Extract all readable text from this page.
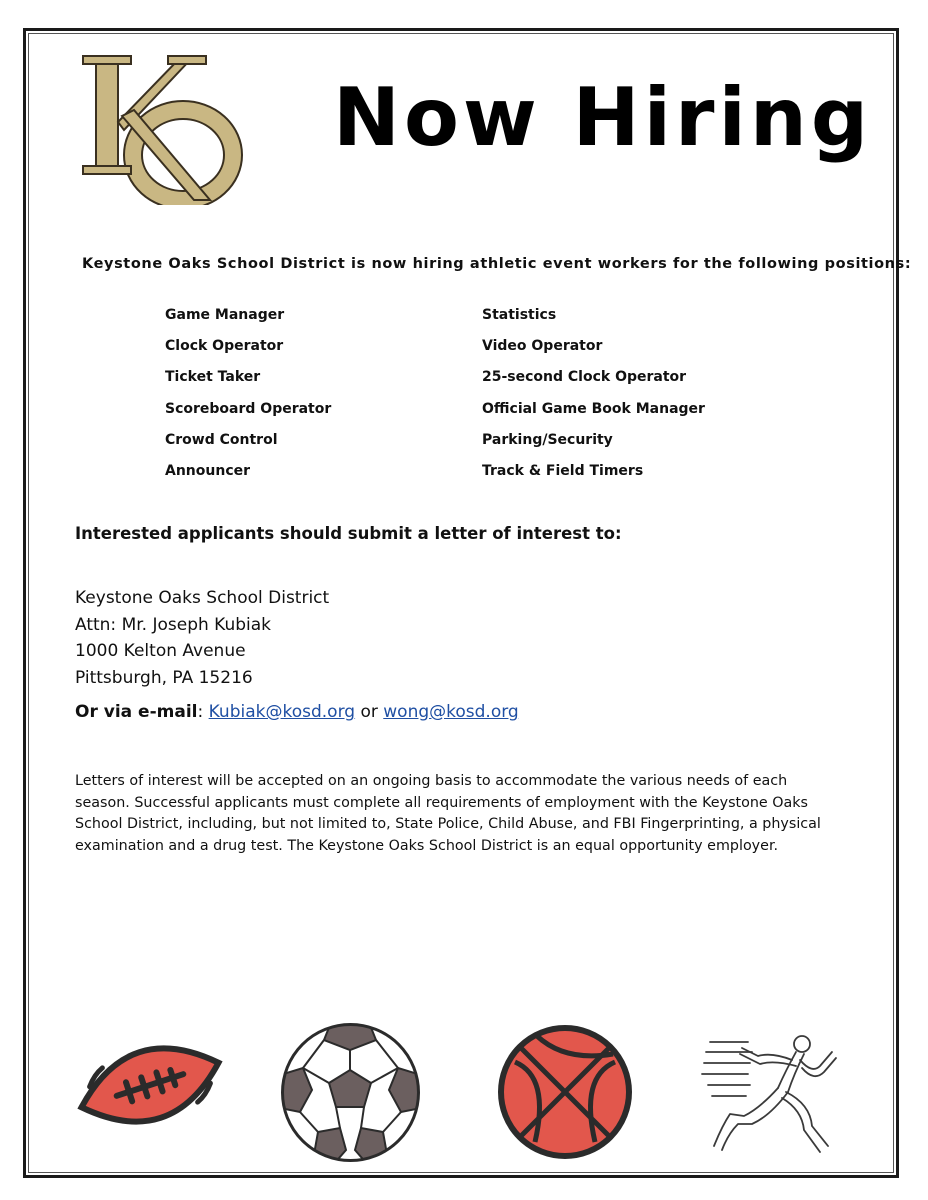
Now Hiring
Keystone Oaks School District is now hiring athletic event workers for the following positions:
Game Manager
Clock Operator
Ticket Taker
Scoreboard Operator
Crowd Control
Announcer
Statistics
Video Operator
25-second Clock Operator
Official Game Book Manager
Parking/Security
Track & Field Timers
Interested applicants should submit a letter of interest to:
Keystone Oaks School District
Attn: Mr. Joseph Kubiak
1000 Kelton Avenue
Pittsburgh, PA 15216
Or via e-mail: Kubiak@kosd.org or wong@kosd.org
Letters of interest will be accepted on an ongoing basis to accommodate the various needs of each season. Successful applicants must complete all requirements of employment with the Keystone Oaks School District, including, but not limited to, State Police, Child Abuse, and FBI Fingerprinting, a physical examination and a drug test. The Keystone Oaks School District is an equal opportunity employer.
